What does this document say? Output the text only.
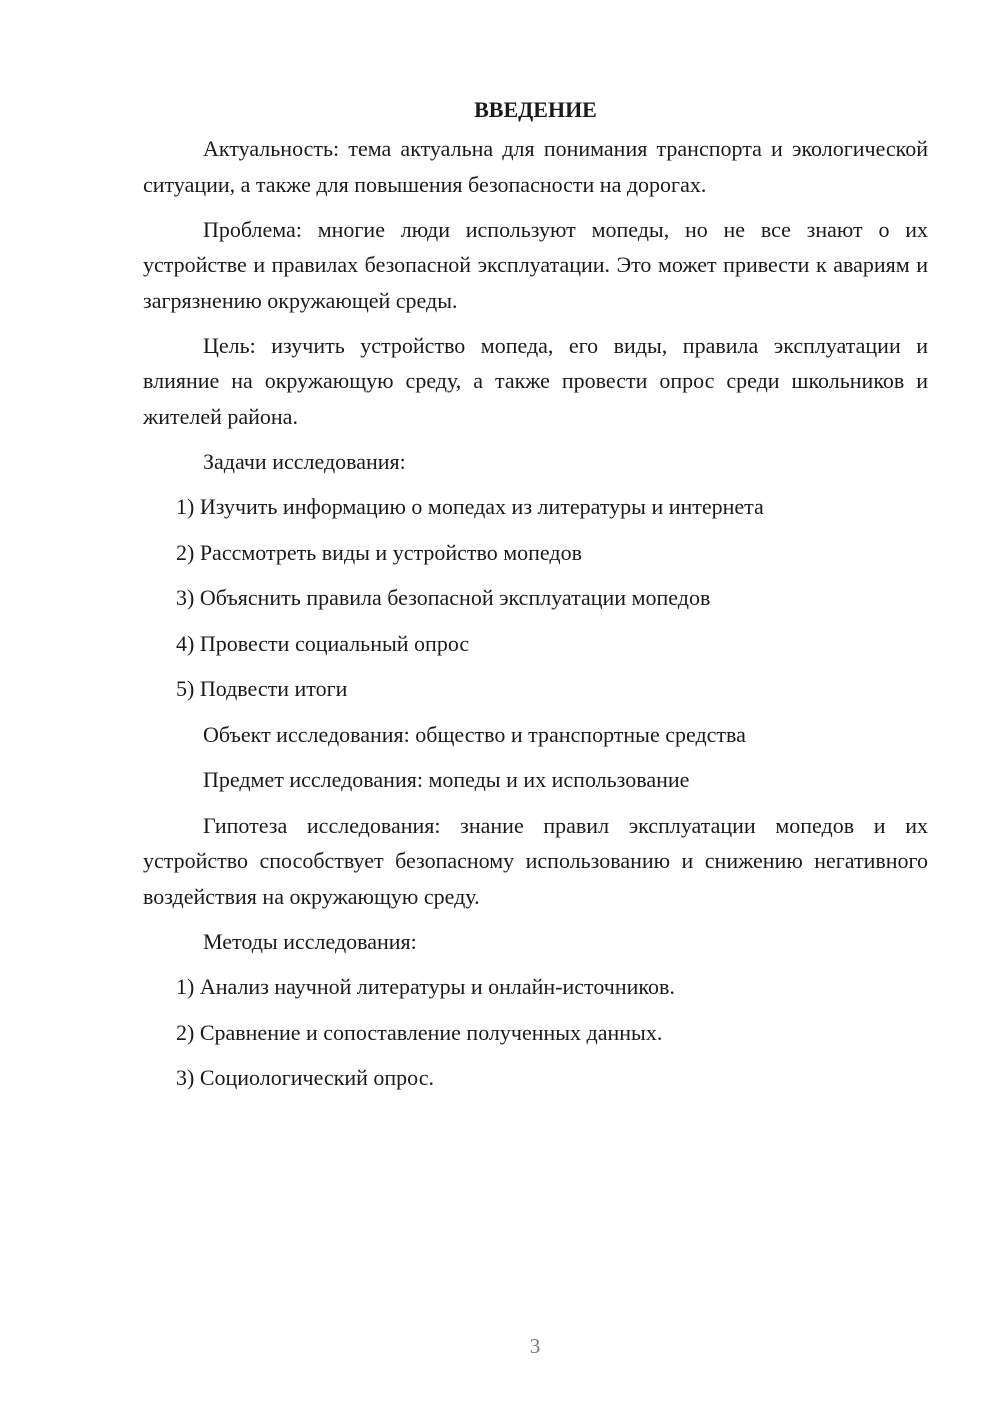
ВВЕДЕНИЕ

Актуальность: тема актуальна для понимания транспорта и экологической ситуации, а также для повышения безопасности на дорогах.

Проблема: многие люди используют мопеды, но не все знают о их устройстве и правилах безопасной эксплуатации. Это может привести к авариям и загрязнению окружающей среды.

Цель: изучить устройство мопеда, его виды, правила эксплуатации и влияние на окружающую среду, а также провести опрос среди школьников и жителей района.

Задачи исследования:

1) Изучить информацию о мопедах из литературы и интернета
2) Рассмотреть виды и устройство мопедов
3) Объяснить правила безопасной эксплуатации мопедов
4) Провести социальный опрос
5) Подвести итоги

Объект исследования: общество и транспортные средства

Предмет исследования: мопеды и их использование

Гипотеза исследования: знание правил эксплуатации мопедов и их устройство способствует безопасному использованию и снижению негативного воздействия на окружающую среду.

Методы исследования:

1) Анализ научной литературы и онлайн-источников.
2) Сравнение и сопоставление полученных данных.
3) Социологический опрос.
3
